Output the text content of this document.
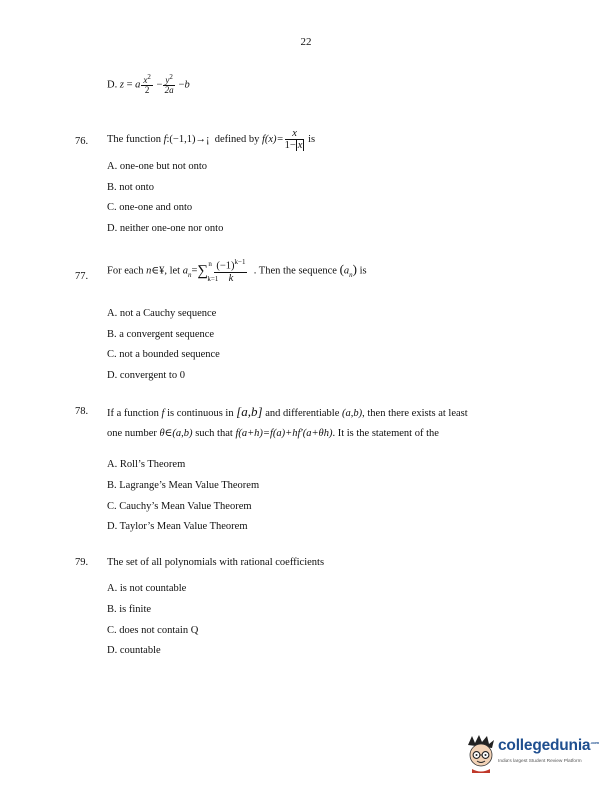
22
D. z = a $\frac{x^2}{2} - \frac{y^2}{2a} -b$
76. The function f:(−1,1)→¡ defined by $f(x)= \frac{x}{1- x}$ is
A. one-one but not onto
B. not onto
C. one-one and onto
D. neither one-one nor onto
77. For each n∈¥, let $a_n=\sum$ n
k=1

$\frac{(-1)^{k-1}}{k}$ . Then the sequence $(a_n)$ is
A. not a Cauchy sequence
B. a convergent sequence
C. not a bounded sequence
D. convergent to 0
78. If a function f is continuous in [a,b] and differentiable (a,b), then there exists at least
one number θ∈(a,b) such that f(a+h)=f(a)+hf′(a+θh). It is the statement of the
A. Roll’s Theorem
B. Lagrange’s Mean Value Theorem
C. Cauchy’s Mean Value Theorem
D. Taylor’s Mean Value Theorem
79. The set of all polynomials with rational coefficients
A. is not countable
B. is finite
C. does not contain Q
D. countable
collegedunia$^{.com}$
India's largest Student Review Platform
